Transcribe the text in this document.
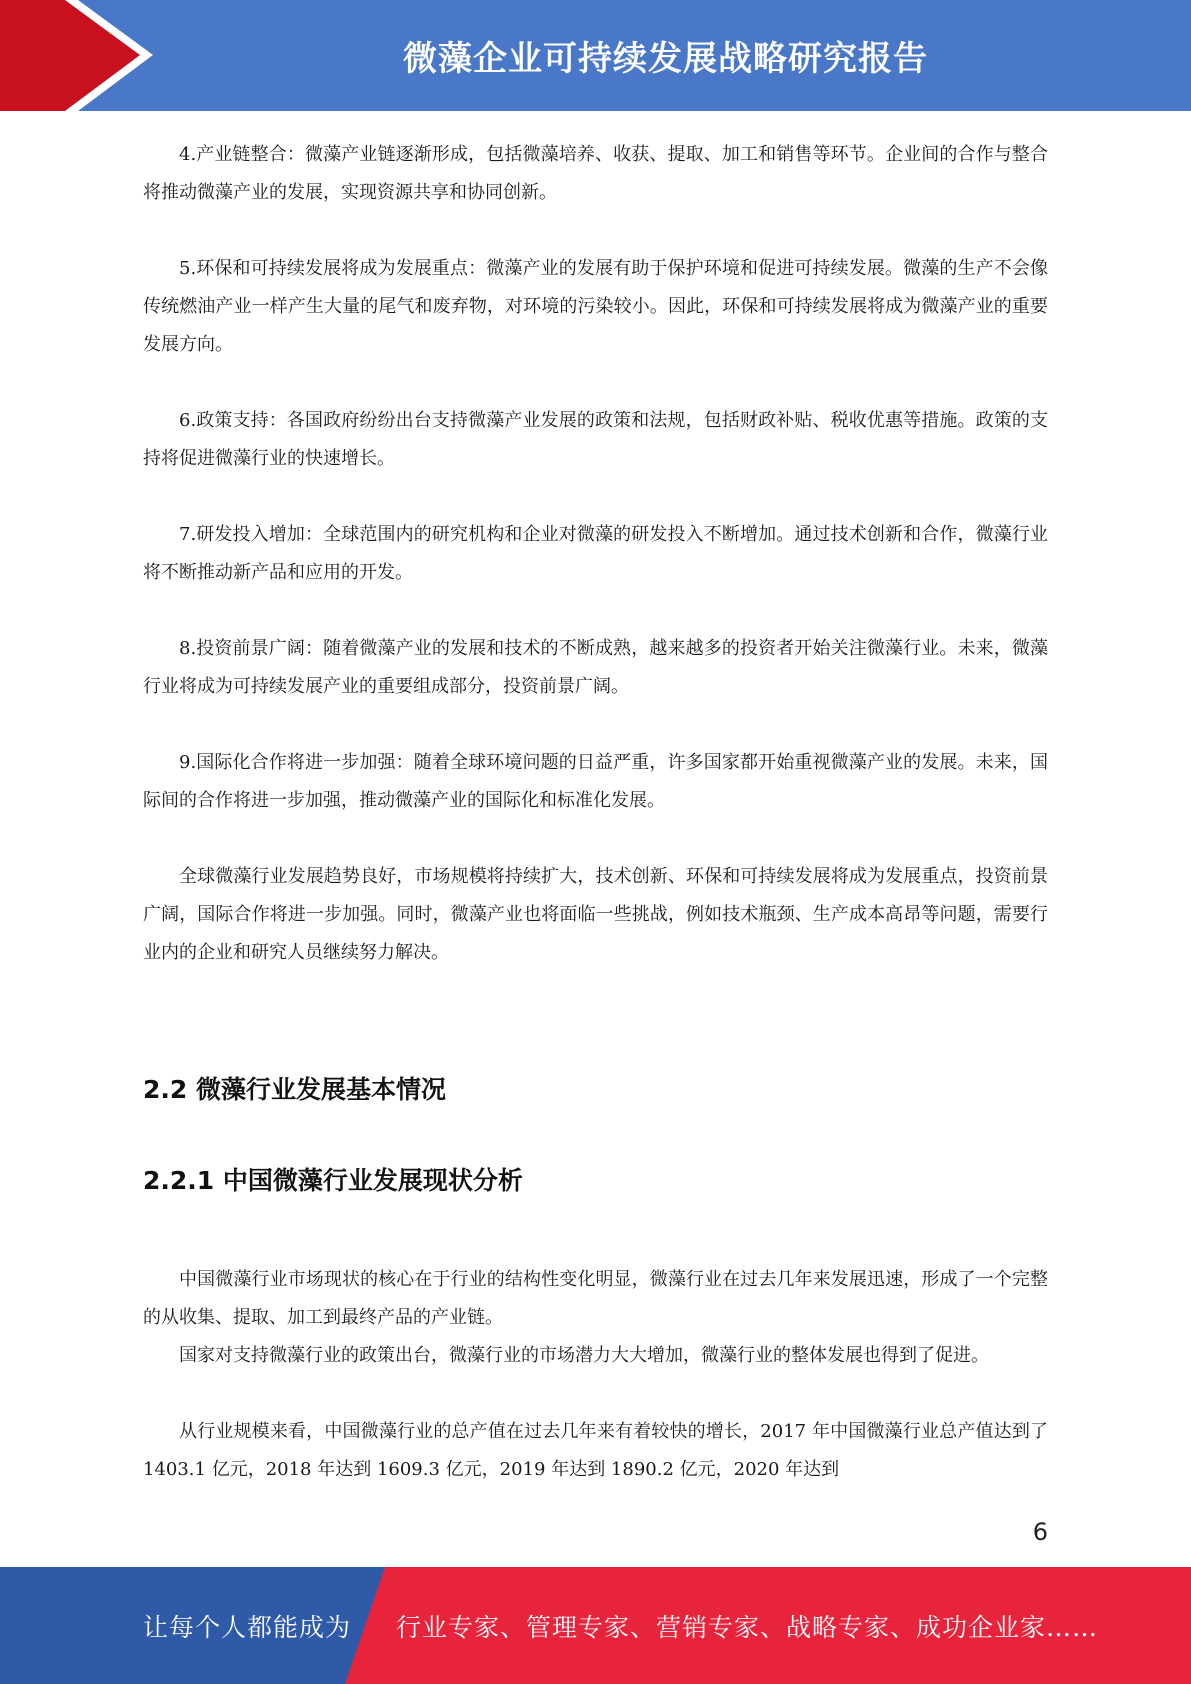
微藻企业可持续发展战略研究报告

4.产业链整合：微藻产业链逐渐形成，包括微藻培养、收获、提取、加工和销售等环节。企业间的合作与整合将推动微藻产业的发展，实现资源共享和协同创新。

5.环保和可持续发展将成为发展重点：微藻产业的发展有助于保护环境和促进可持续发展。微藻的生产不会像传统燃油产业一样产生大量的尾气和废弃物，对环境的污染较小。因此，环保和可持续发展将成为微藻产业的重要发展方向。

6.政策支持：各国政府纷纷出台支持微藻产业发展的政策和法规，包括财政补贴、税收优惠等措施。政策的支持将促进微藻行业的快速增长。

7.研发投入增加：全球范围内的研究机构和企业对微藻的研发投入不断增加。通过技术创新和合作，微藻行业将不断推动新产品和应用的开发。

8.投资前景广阔：随着微藻产业的发展和技术的不断成熟，越来越多的投资者开始关注微藻行业。未来，微藻行业将成为可持续发展产业的重要组成部分，投资前景广阔。

9.国际化合作将进一步加强：随着全球环境问题的日益严重，许多国家都开始重视微藻产业的发展。未来，国际间的合作将进一步加强，推动微藻产业的国际化和标准化发展。

全球微藻行业发展趋势良好，市场规模将持续扩大，技术创新、环保和可持续发展将成为发展重点，投资前景广阔，国际合作将进一步加强。同时，微藻产业也将面临一些挑战，例如技术瓶颈、生产成本高昂等问题，需要行业内的企业和研究人员继续努力解决。

2.2 微藻行业发展基本情况
2.2.1 中国微藻行业发展现状分析

中国微藻行业市场现状的核心在于行业的结构性变化明显，微藻行业在过去几年来发展迅速，形成了一个完整的从收集、提取、加工到最终产品的产业链。

国家对支持微藻行业的政策出台，微藻行业的市场潜力大大增加，微藻行业的整体发展也得到了促进。

从行业规模来看，中国微藻行业的总产值在过去几年来有着较快的增长，2017 年中国微藻行业总产值达到了 1403.1 亿元，2018 年达到 1609.3 亿元，2019 年达到 1890.2 亿元，2020 年达到

6
让每个人都能成为 行业专家、管理专家、营销专家、战略专家、成功企业家……
